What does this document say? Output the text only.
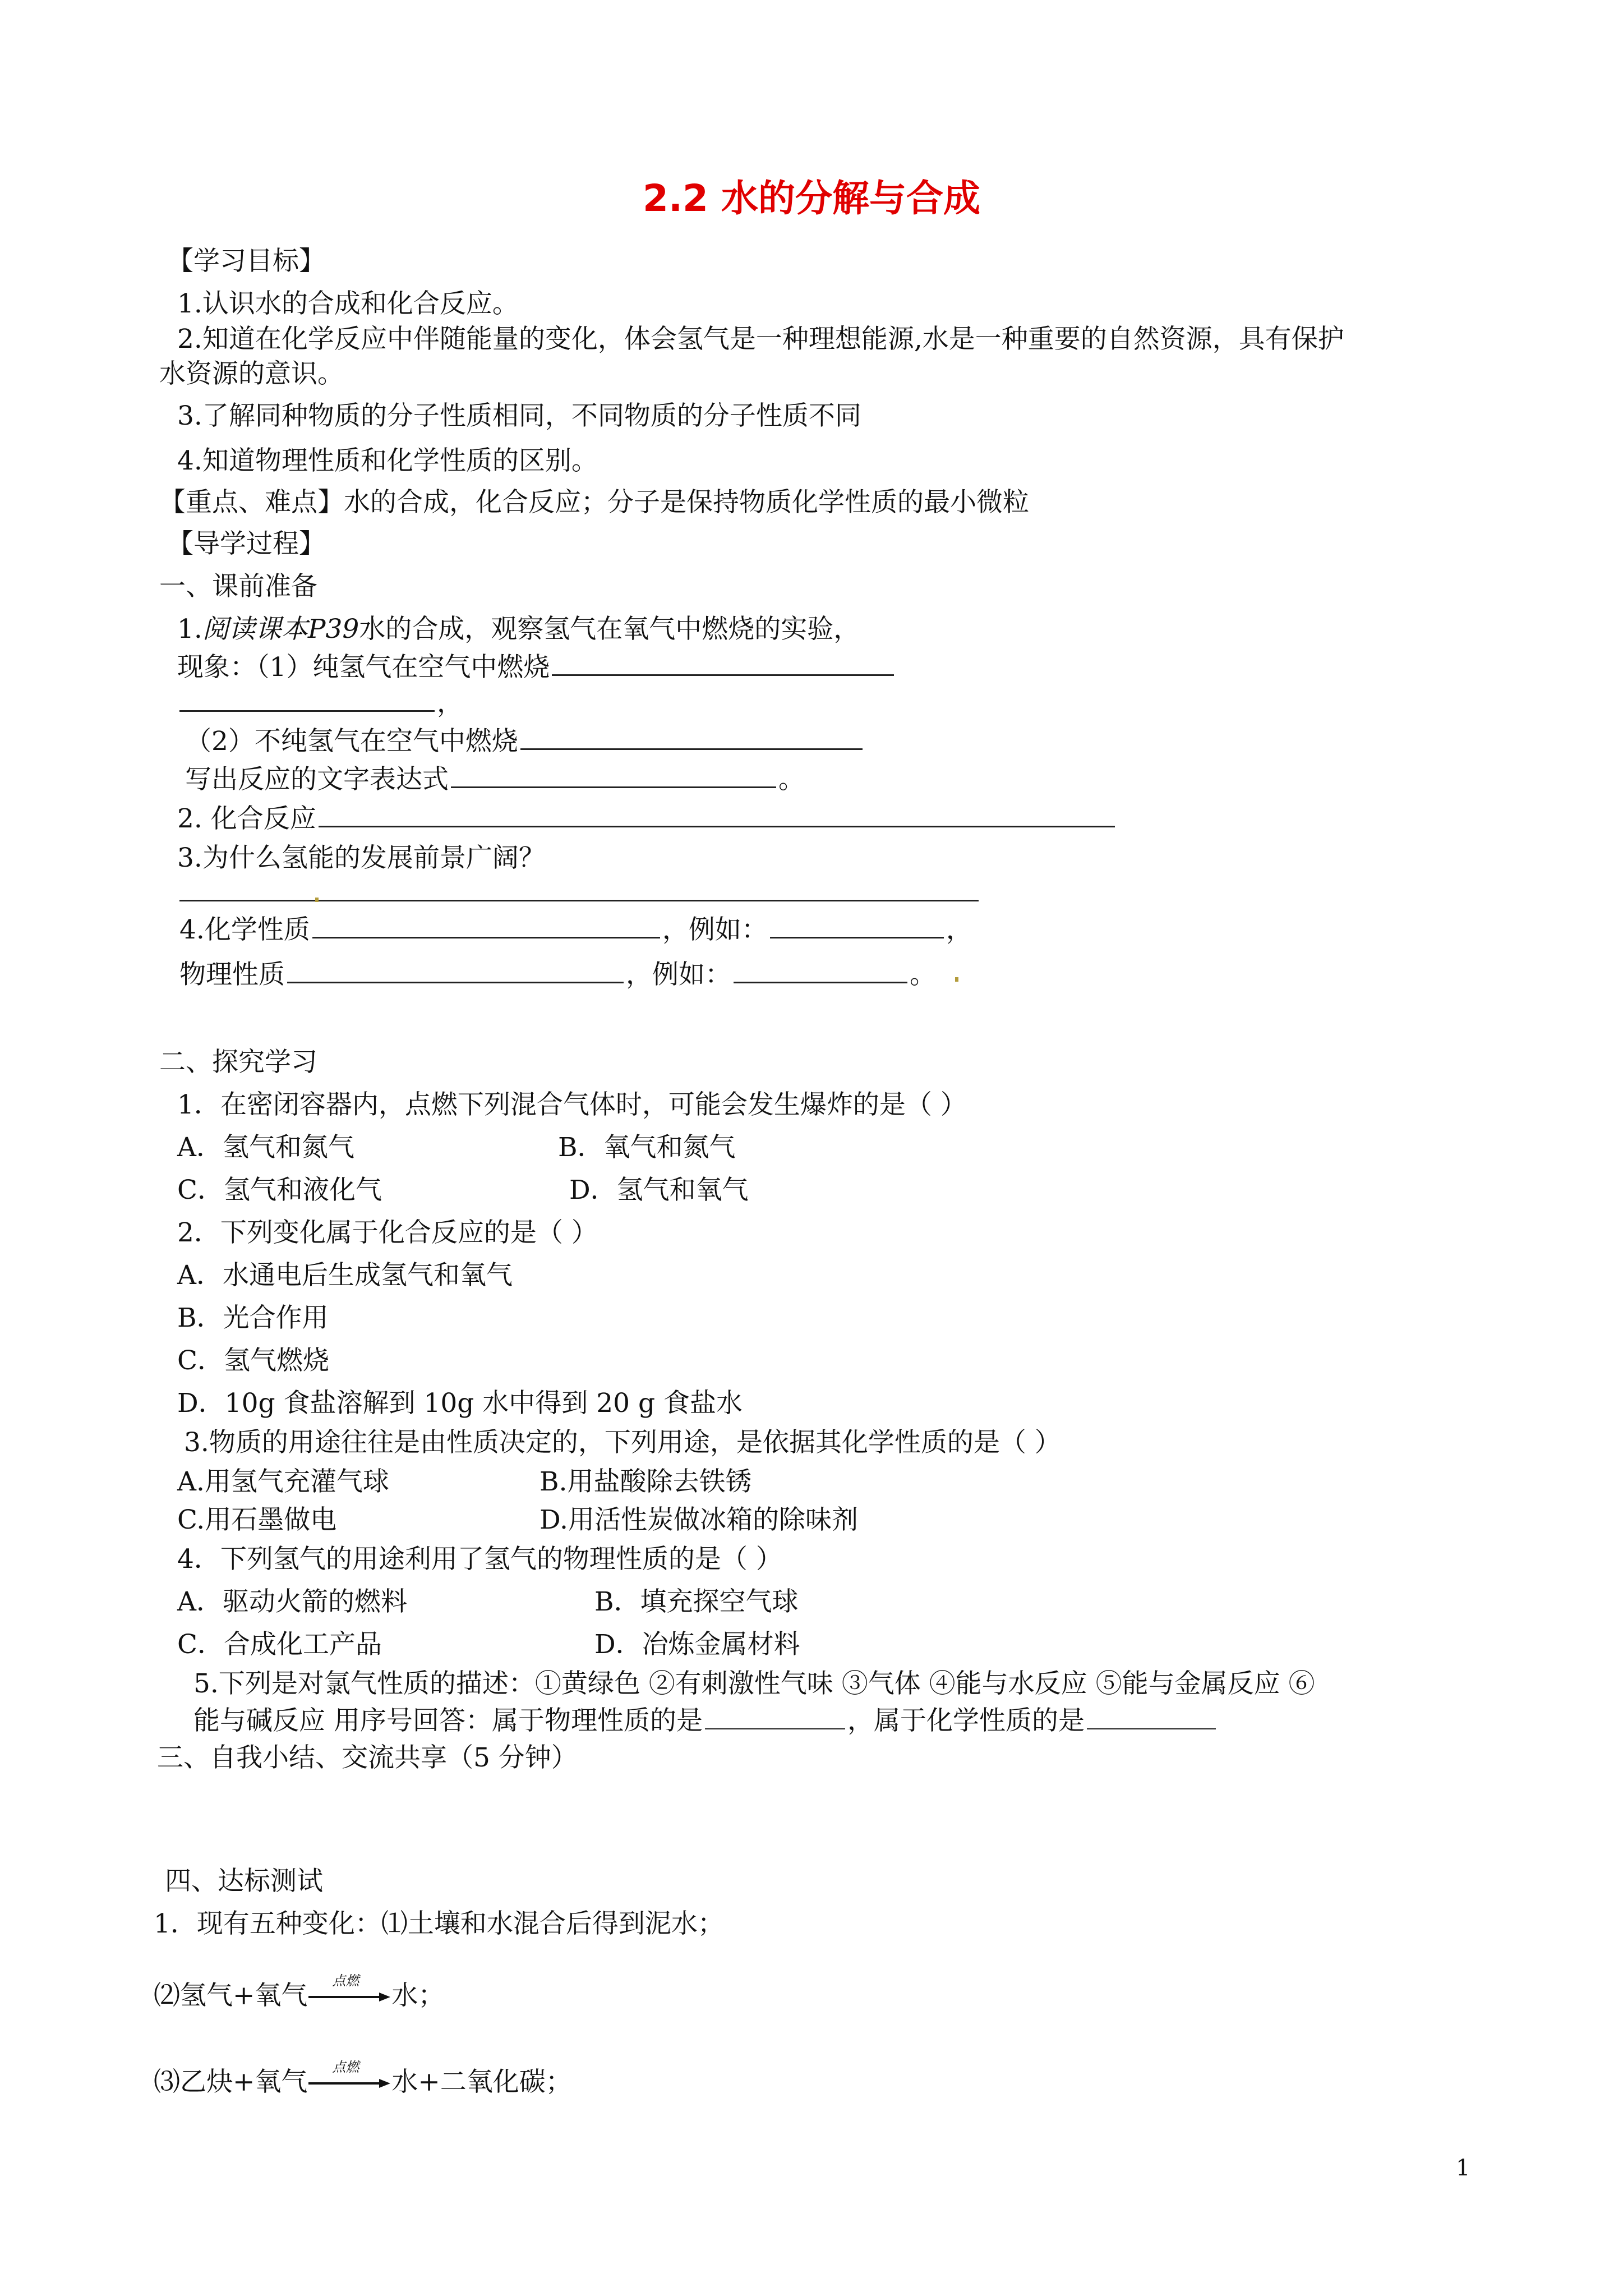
2.2 水的分解与合成
【学习目标】
1.认识水的合成和化合反应。
2.知道在化学反应中伴随能量的变化，体会氢气是一种理想能源,水是一种重要的自然资源，具有保护
水资源的意识。
3.了解同种物质的分子性质相同，不同物质的分子性质不同
4.知道物理性质和化学性质的区别。
【重点、难点】水的合成，化合反应；分子是保持物质化学性质的最小微粒
【导学过程】
一、课前准备
1.阅读课本P39水的合成，观察氢气在氧气中燃烧的实验，
现象：（1）纯氢气在空气中燃烧
，
（2）不纯氢气在空气中燃烧
写出反应的文字表达式	。
2. 化合反应
3.为什么氢能的发展前景广阔？
4.化学性质	，例如：	，
物理性质	，例如：	。
二、探究学习
1．在密闭容器内，点燃下列混合气体时，可能会发生爆炸的是（ ）
A．氢气和氮气	B．氧气和氮气
C．氢气和液化气	D．氢气和氧气
2．下列变化属于化合反应的是（ ）
A．水通电后生成氢气和氧气
B．光合作用
C．氢气燃烧
D．10g 食盐溶解到 10g 水中得到 20 g 食盐水
3.物质的用途往往是由性质决定的，下列用途，是依据其化学性质的是（ ）
A.用氢气充灌气球	B.用盐酸除去铁锈
C.用石墨做电	D.用活性炭做冰箱的除味剂
4．下列氢气的用途利用了氢气的物理性质的是（ ）
A．驱动火箭的燃料	B．填充探空气球
C．合成化工产品	D．冶炼金属材料
5.下列是对氯气性质的描述：①黄绿色 ②有刺激性气味 ③气体 ④能与水反应 ⑤能与金属反应 ⑥
能与碱反应 用序号回答：属于物理性质的是	，属于化学性质的是
三、自我小结、交流共享（5 分钟）
四、达标测试
1．现有五种变化：⑴土壤和水混合后得到泥水；
⑵氢气+氧气 点燃 水；
⑶乙炔+氧气 点燃 水+二氧化碳；
1
